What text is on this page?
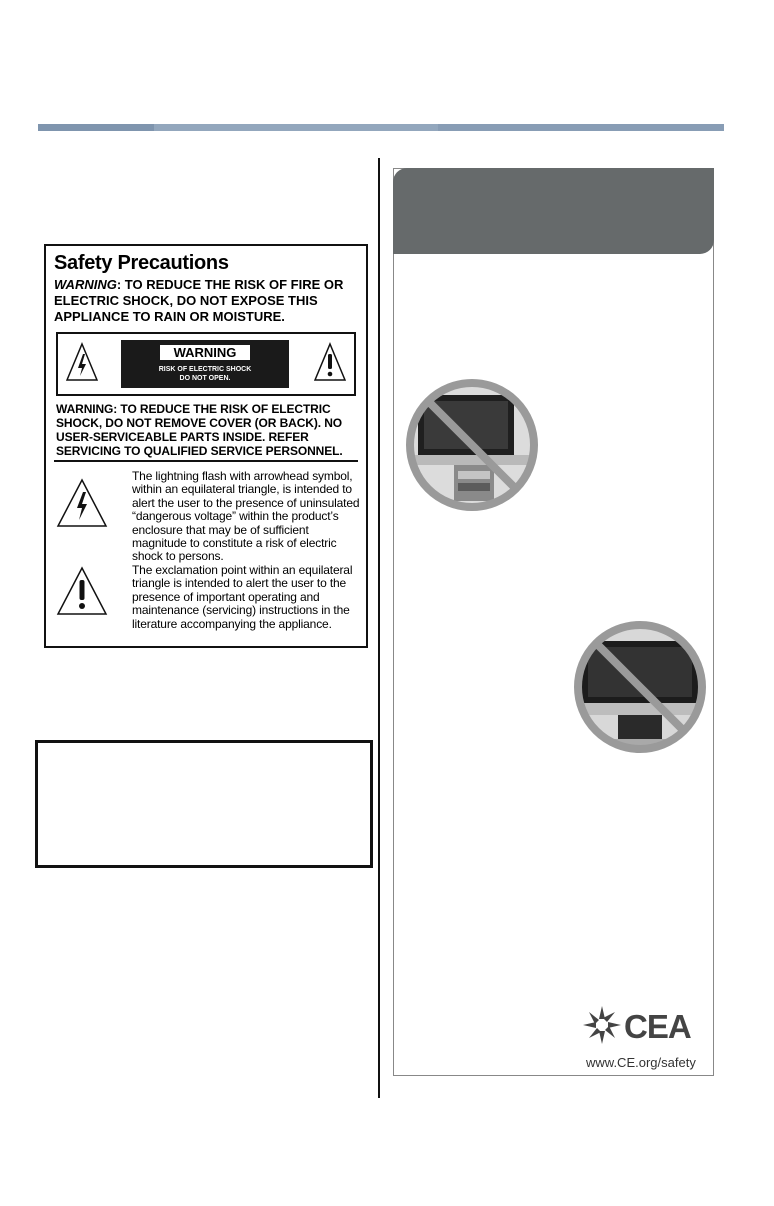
Safety Precautions
WARNING: TO REDUCE THE RISK OF FIRE OR ELECTRIC SHOCK, DO NOT EXPOSE THIS APPLIANCE TO RAIN OR MOISTURE.
WARNING
RISK OF ELECTRIC SHOCK
DO NOT OPEN.
WARNING: TO REDUCE THE RISK OF ELECTRIC SHOCK, DO NOT REMOVE COVER (OR BACK). NO USER-SERVICEABLE PARTS INSIDE. REFER SERVICING TO QUALIFIED SERVICE PERSONNEL.
The lightning flash with arrowhead symbol, within an equilateral triangle, is intended to alert the user to the presence of uninsulated “dangerous voltage” within the product’s enclosure that may be of sufficient magnitude to constitute a risk of electric shock to persons.
The exclamation point within an equilateral triangle is intended to alert the user to the presence of important operating and maintenance (servicing) instructions in the literature accompanying the appliance.
CEA
www.CE.org/safety
